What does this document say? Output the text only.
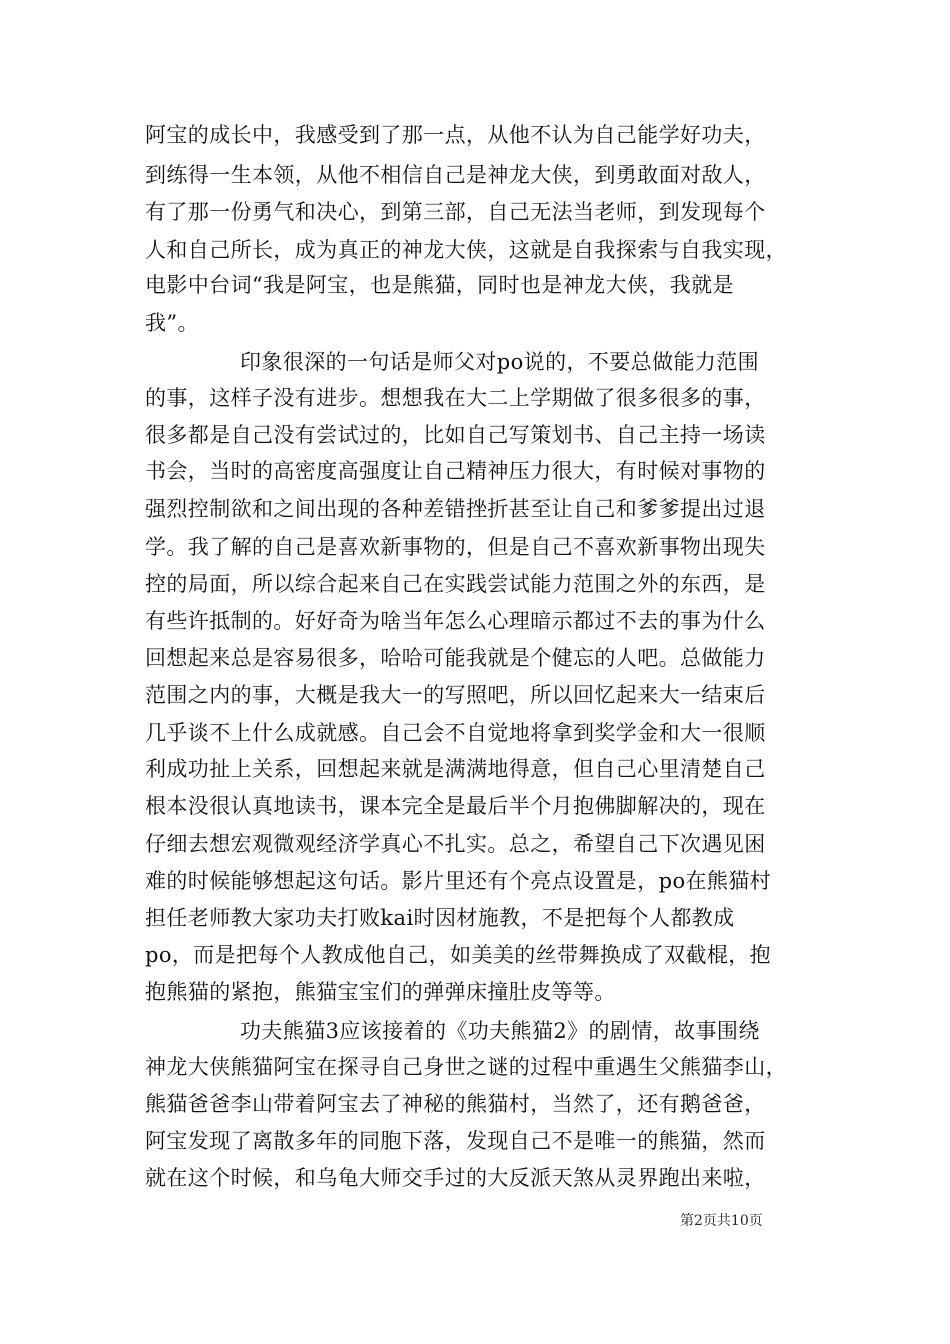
阿宝的成长中，我感受到了那一点，从他不认为自己能学好功夫，

到练得一生本领，从他不相信自己是神龙大侠，到勇敢面对敌人，

有了那一份勇气和决心，到第三部，自己无法当老师，到发现每个

人和自己所长，成为真正的神龙大侠，这就是自我探索与自我实现，

电影中台词“我是阿宝，也是熊猫，同时也是神龙大侠，我就是

我”。

印象很深的一句话是师父对po说的，不要总做能力范围

的事，这样子没有进步。想想我在大二上学期做了很多很多的事，

很多都是自己没有尝试过的，比如自己写策划书、自己主持一场读

书会，当时的高密度高强度让自己精神压力很大，有时候对事物的

强烈控制欲和之间出现的各种差错挫折甚至让自己和爹爹提出过退

学。我了解的自己是喜欢新事物的，但是自己不喜欢新事物出现失

控的局面，所以综合起来自己在实践尝试能力范围之外的东西，是

有些许抵制的。好好奇为啥当年怎么心理暗示都过不去的事为什么

回想起来总是容易很多，哈哈可能我就是个健忘的人吧。总做能力

范围之内的事，大概是我大一的写照吧，所以回忆起来大一结束后

几乎谈不上什么成就感。自己会不自觉地将拿到奖学金和大一很顺

利成功扯上关系，回想起来就是满满地得意，但自己心里清楚自己

根本没很认真地读书，课本完全是最后半个月抱佛脚解决的，现在

仔细去想宏观微观经济学真心不扎实。总之，希望自己下次遇见困

难的时候能够想起这句话。影片里还有个亮点设置是，po在熊猫村

担任老师教大家功夫打败kai时因材施教，不是把每个人都教成

po，而是把每个人教成他自己，如美美的丝带舞换成了双截棍，抱

抱熊猫的紧抱，熊猫宝宝们的弹弹床撞肚皮等等。

功夫熊猫3应该接着的《功夫熊猫2》的剧情，故事围绕

神龙大侠熊猫阿宝在探寻自己身世之谜的过程中重遇生父熊猫李山，

熊猫爸爸李山带着阿宝去了神秘的熊猫村，当然了，还有鹅爸爸，

阿宝发现了离散多年的同胞下落，发现自己不是唯一的熊猫，然而

就在这个时候，和乌龟大师交手过的大反派天煞从灵界跑出来啦，

第2页共10页
